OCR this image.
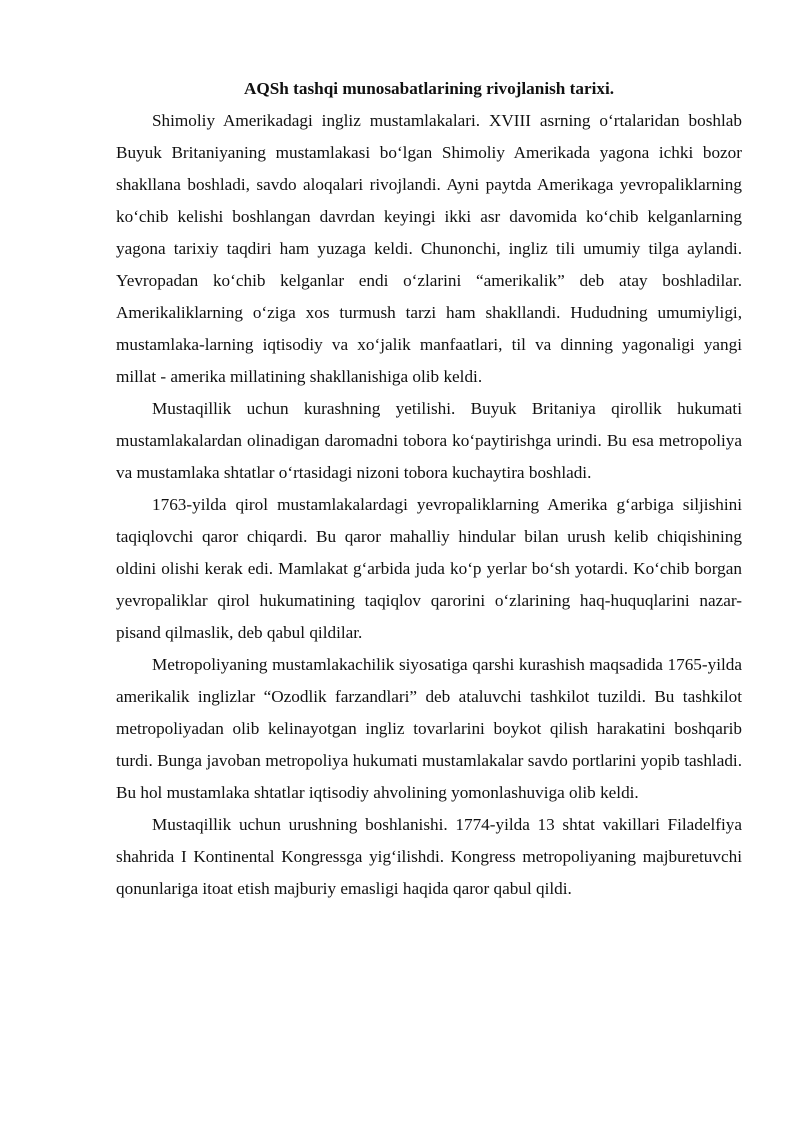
AQSh tashqi munosabatlarining rivojlanish tarixi.

Shimoliy Amerikadagi ingliz mustamlakalari. XVIII asrning o‘rtalaridan boshlab Buyuk Britaniyaning mustamlakasi bo‘lgan Shimoliy Amerikada yagona ichki bozor shakllana boshladi, savdo aloqalari rivojlandi. Ayni paytda Amerikaga yevropaliklarning ko‘chib kelishi boshlangan davrdan keyingi ikki asr davomida ko‘chib kelganlarning yagona tarixiy taqdiri ham yuzaga keldi. Chunonchi, ingliz tili umumiy tilga aylandi. Yevropadan ko‘chib kelganlar endi o‘zlarini “amerikalik” deb atay boshladilar. Amerikaliklarning o‘ziga xos turmush tarzi ham shakllandi. Hududning umumiyligi, mustamlaka-larning iqtisodiy va xo‘jalik manfaatlari, til va dinning yagonaligi yangi millat - amerika millatining shakllanishiga olib keldi.

Mustaqillik uchun kurashning yetilishi. Buyuk Britaniya qirollik hukumati mustamlakalardan olinadigan daromadni tobora ko‘paytirishga urindi. Bu esa metropoliya va mustamlaka shtatlar o‘rtasidagi nizoni tobora kuchaytira boshladi.

1763-yilda qirol mustamlakalardagi yevropaliklarning Amerika g‘arbiga siljishini taqiqlovchi qaror chiqardi. Bu qaror mahalliy hindular bilan urush kelib chiqishining oldini olishi kerak edi. Mamlakat g‘arbida juda ko‘p yerlar bo‘sh yotardi. Ko‘chib borgan yevropaliklar qirol hukumatining taqiqlov qarorini o‘zlarining haq-huquqlarini nazar-pisand qilmaslik, deb qabul qildilar.

Metropoliyaning mustamlakachilik siyosatiga qarshi kurashish maqsadida 1765-yilda amerikalik inglizlar “Ozodlik farzandlari” deb ataluvchi tashkilot tuzildi. Bu tashkilot metropoliyadan olib kelinayotgan ingliz tovarlarini boykot qilish harakatini boshqarib turdi. Bunga javoban metropoliya hukumati mustamlakalar savdo portlarini yopib tashladi. Bu hol mustamlaka shtatlar iqtisodiy ahvolining yomonlashuviga olib keldi.

Mustaqillik uchun urushning boshlanishi. 1774-yilda 13 shtat vakillari Filadelfiya shahrida I Kontinental Kongressga yig‘ilishdi. Kongress metropoliyaning majburetuvchi qonunlariga itoat etish majburiy emasligi haqida qaror qabul qildi.
